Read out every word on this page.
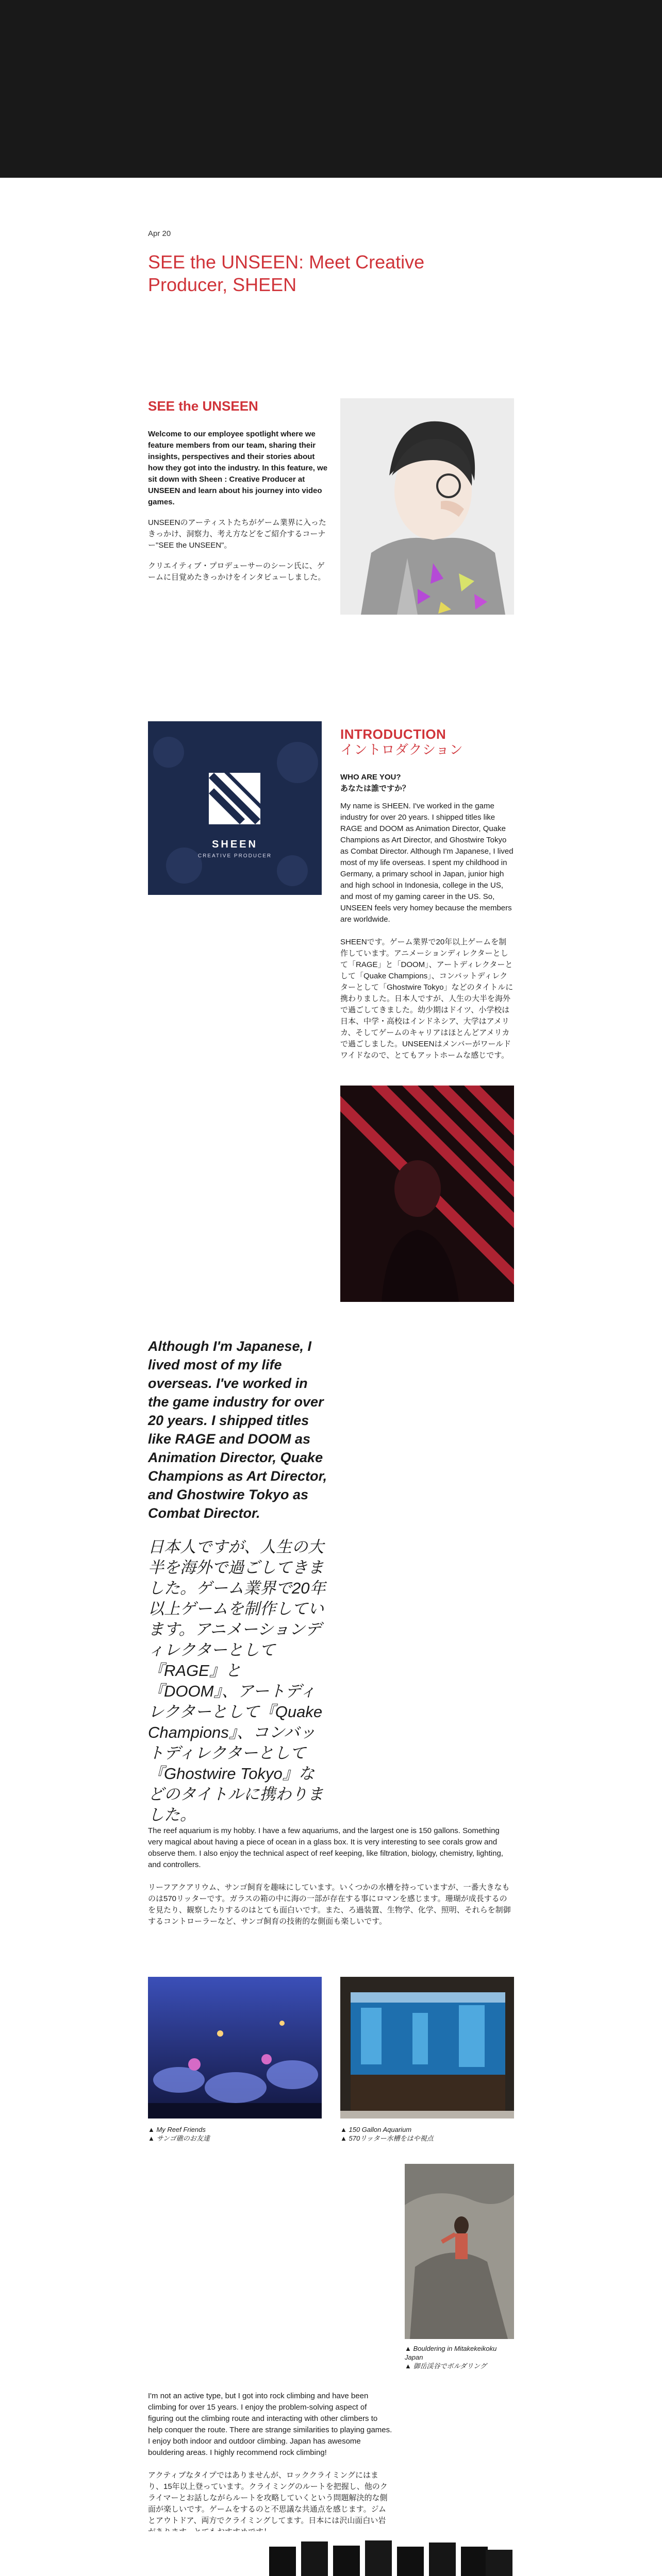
Apr 20
SEE the UNSEEN: Meet Creative Producer, SHEEN
SEE the UNSEEN

Welcome to our employee spotlight where we feature members from our team, sharing their insights, perspectives and their stories about how they got into the industry. In this feature, we sit down with Sheen : Creative Producer at UNSEEN and learn about his journey into video games.

UNSEENのアーティストたちがゲーム業界に入ったきっかけ、洞察力、考え方などをご紹介するコーナー"SEE the UNSEEN"。

クリエイティブ・プロデューサーのシーン氏に、ゲームに目覚めたきっかけをインタビューしました。

SHEEN
CREATIVE PRODUCER
INTRODUCTION
イントロダクション

WHO ARE YOU?

あなたは誰ですか？

My name is SHEEN. I've worked in the game industry for over 20 years. I shipped titles like RAGE and DOOM as Animation Director, Quake Champions as Art Director, and Ghostwire Tokyo as Combat Director. Although I'm Japanese, I lived most of my life overseas. I spent my childhood in Germany, a primary school in Japan, junior high and high school in Indonesia, college in the US, and most of my gaming career in the US. So, UNSEEN feels very homey because the members are worldwide.

SHEENです。ゲーム業界で20年以上ゲームを制作しています。アニメーションディレクターとして「RAGE」と「DOOM」、アートディレクターとして「Quake Champions」、コンバットディレクターとして「Ghostwire Tokyo」などのタイトルに携わりました。日本人ですが、人生の大半を海外で過ごしてきました。幼少期はドイツ、小学校は日本、中学・高校はインドネシア、大学はアメリカ、そしてゲームのキャリアはほとんどアメリカで過ごしました。UNSEENはメンバーがワールドワイドなので、とてもアットホームな感じです。

Although I'm Japanese, I lived most of my life overseas. I've worked in the game industry for over 20 years. I shipped titles like RAGE and DOOM as Animation Director, Quake Champions as Art Director, and Ghostwire Tokyo as Combat Director.

日本人ですが、人生の大半を海外で過ごしてきました。ゲーム業界で20年以上ゲームを制作しています。アニメーションディレクターとして『RAGE』と『DOOM』、アートディレクターとして『Quake Champions』、コンバットディレクターとして『Ghostwire Tokyo』などのタイトルに携わりました。

The reef aquarium is my hobby. I have a few aquariums, and the largest one is 150 gallons. Something very magical about having a piece of ocean in a glass box. It is very interesting to see corals grow and observe them. I also enjoy the technical aspect of reef keeping, like filtration, biology, chemistry, lighting, and controllers.

リーフアクアリウム、サンゴ飼育を趣味にしています。いくつかの水槽を持っていますが、一番大きなものは570リッターです。ガラスの箱の中に海の一部が存在する事にロマンを感じます。珊瑚が成長するのを見たり、観察したりするのはとても面白いです。また、ろ過装置、生物学、化学、照明、それらを制御するコントローラーなど、サンゴ飼育の技術的な側面も楽しいです。

▲ My Reef Friends

▲ サンゴ礁のお友達

▲ 150 Gallon Aquarium

▲ 570リッター水槽をはや視点

▲ Bouldering in Mitakekeikoku Japan

▲ 御岳渓谷でボルダリング

I'm not an active type, but I got into rock climbing and have been climbing for over 15 years. I enjoy the problem-solving aspect of figuring out the climbing route and interacting with other climbers to help conquer the route. There are strange similarities to playing games. I enjoy both indoor and outdoor climbing. Japan has awesome bouldering areas. I highly recommend rock climbing!

アクティブなタイプではありませんが、ロッククライミングにはまり、15年以上登っています。クライミングのルートを把握し、他のクライマーとお話しながらルートを攻略していくという問題解決的な側面が楽しいです。ゲームをするのと不思議な共通点を感じます。ジムとアウトドア、両方でクライミングしてます。日本には沢山面白い岩
